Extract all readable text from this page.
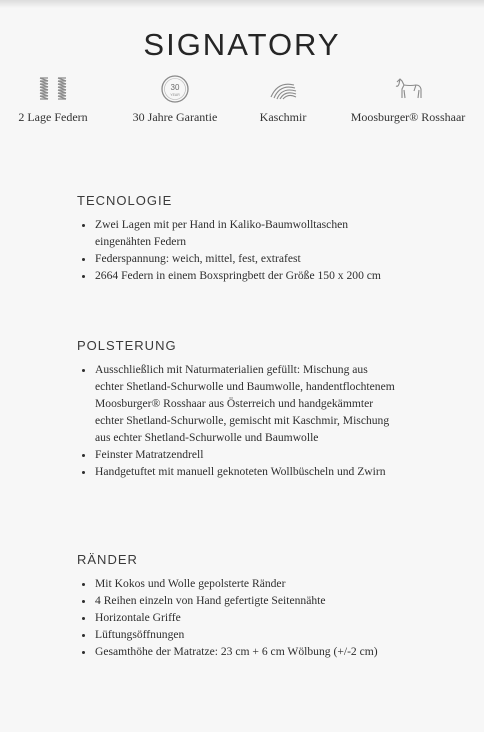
SIGNATORY
2 Lage Federn
30
YEAR
30 Jahre Garantie	Kaschmir	Moosburger® Rosshaar
TECNOLOGIE
• Zwei Lagen mit per Hand in Kaliko-Baumwolltaschen eingenähten Federn
• Federspannung: weich, mittel, fest, extrafest
• 2664 Federn in einem Boxspringbett der Größe 150 x 200 cm
POLSTERUNG
• Ausschließlich mit Naturmaterialien gefüllt: Mischung aus echter Shetland-Schurwolle und Baumwolle, handentflochtenem Moosburger® Rosshaar aus Österreich und handgekämmter echter Shetland-Schurwolle, gemischt mit Kaschmir, Mischung aus echter Shetland-Schurwolle und Baumwolle
• Feinster Matratzendrell
• Handgetuftet mit manuell geknoteten Wollbüscheln und Zwirn
RÄNDER
• Mit Kokos und Wolle gepolsterte Ränder
• 4 Reihen einzeln von Hand gefertigte Seitennähte
• Horizontale Griffe
• Lüftungsöffnungen
• Gesamthöhe der Matratze: 23 cm + 6 cm Wölbung (+/-2 cm)
